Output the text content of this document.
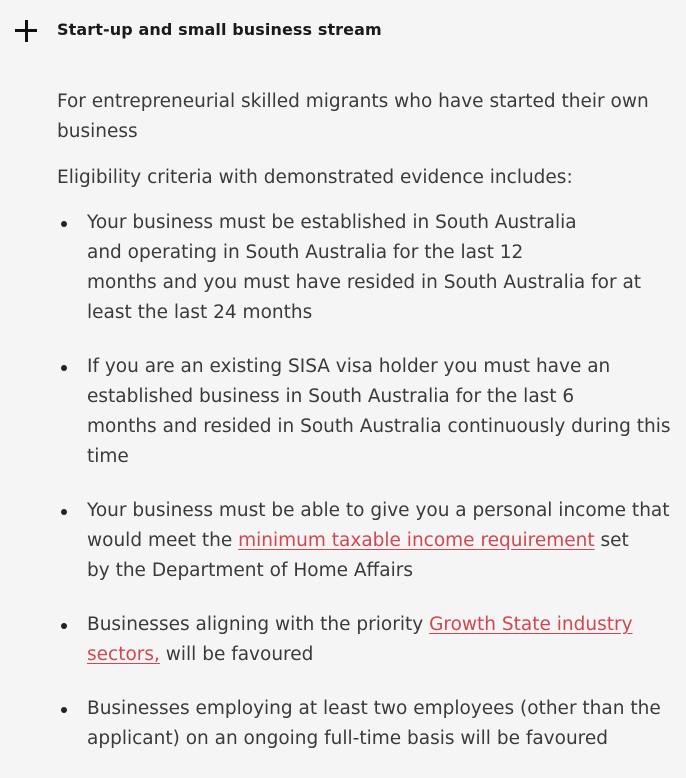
Start-up and small business stream

For entrepreneurial skilled migrants who have started their own
business

Eligibility criteria with demonstrated evidence includes:

Your business must be established in South Australia
and operating in South Australia for the last 12
months and you must have resided in South Australia for at
least the last 24 months
If you are an existing SISA visa holder you must have an
established business in South Australia for the last 6
months and resided in South Australia continuously during this
time
Your business must be able to give you a personal income that
would meet the minimum taxable income requirement set
by the Department of Home Affairs
Businesses aligning with the priority Growth State industry
sectors, will be favoured
Businesses employing at least two employees (other than the
applicant) on an ongoing full-time basis will be favoured
